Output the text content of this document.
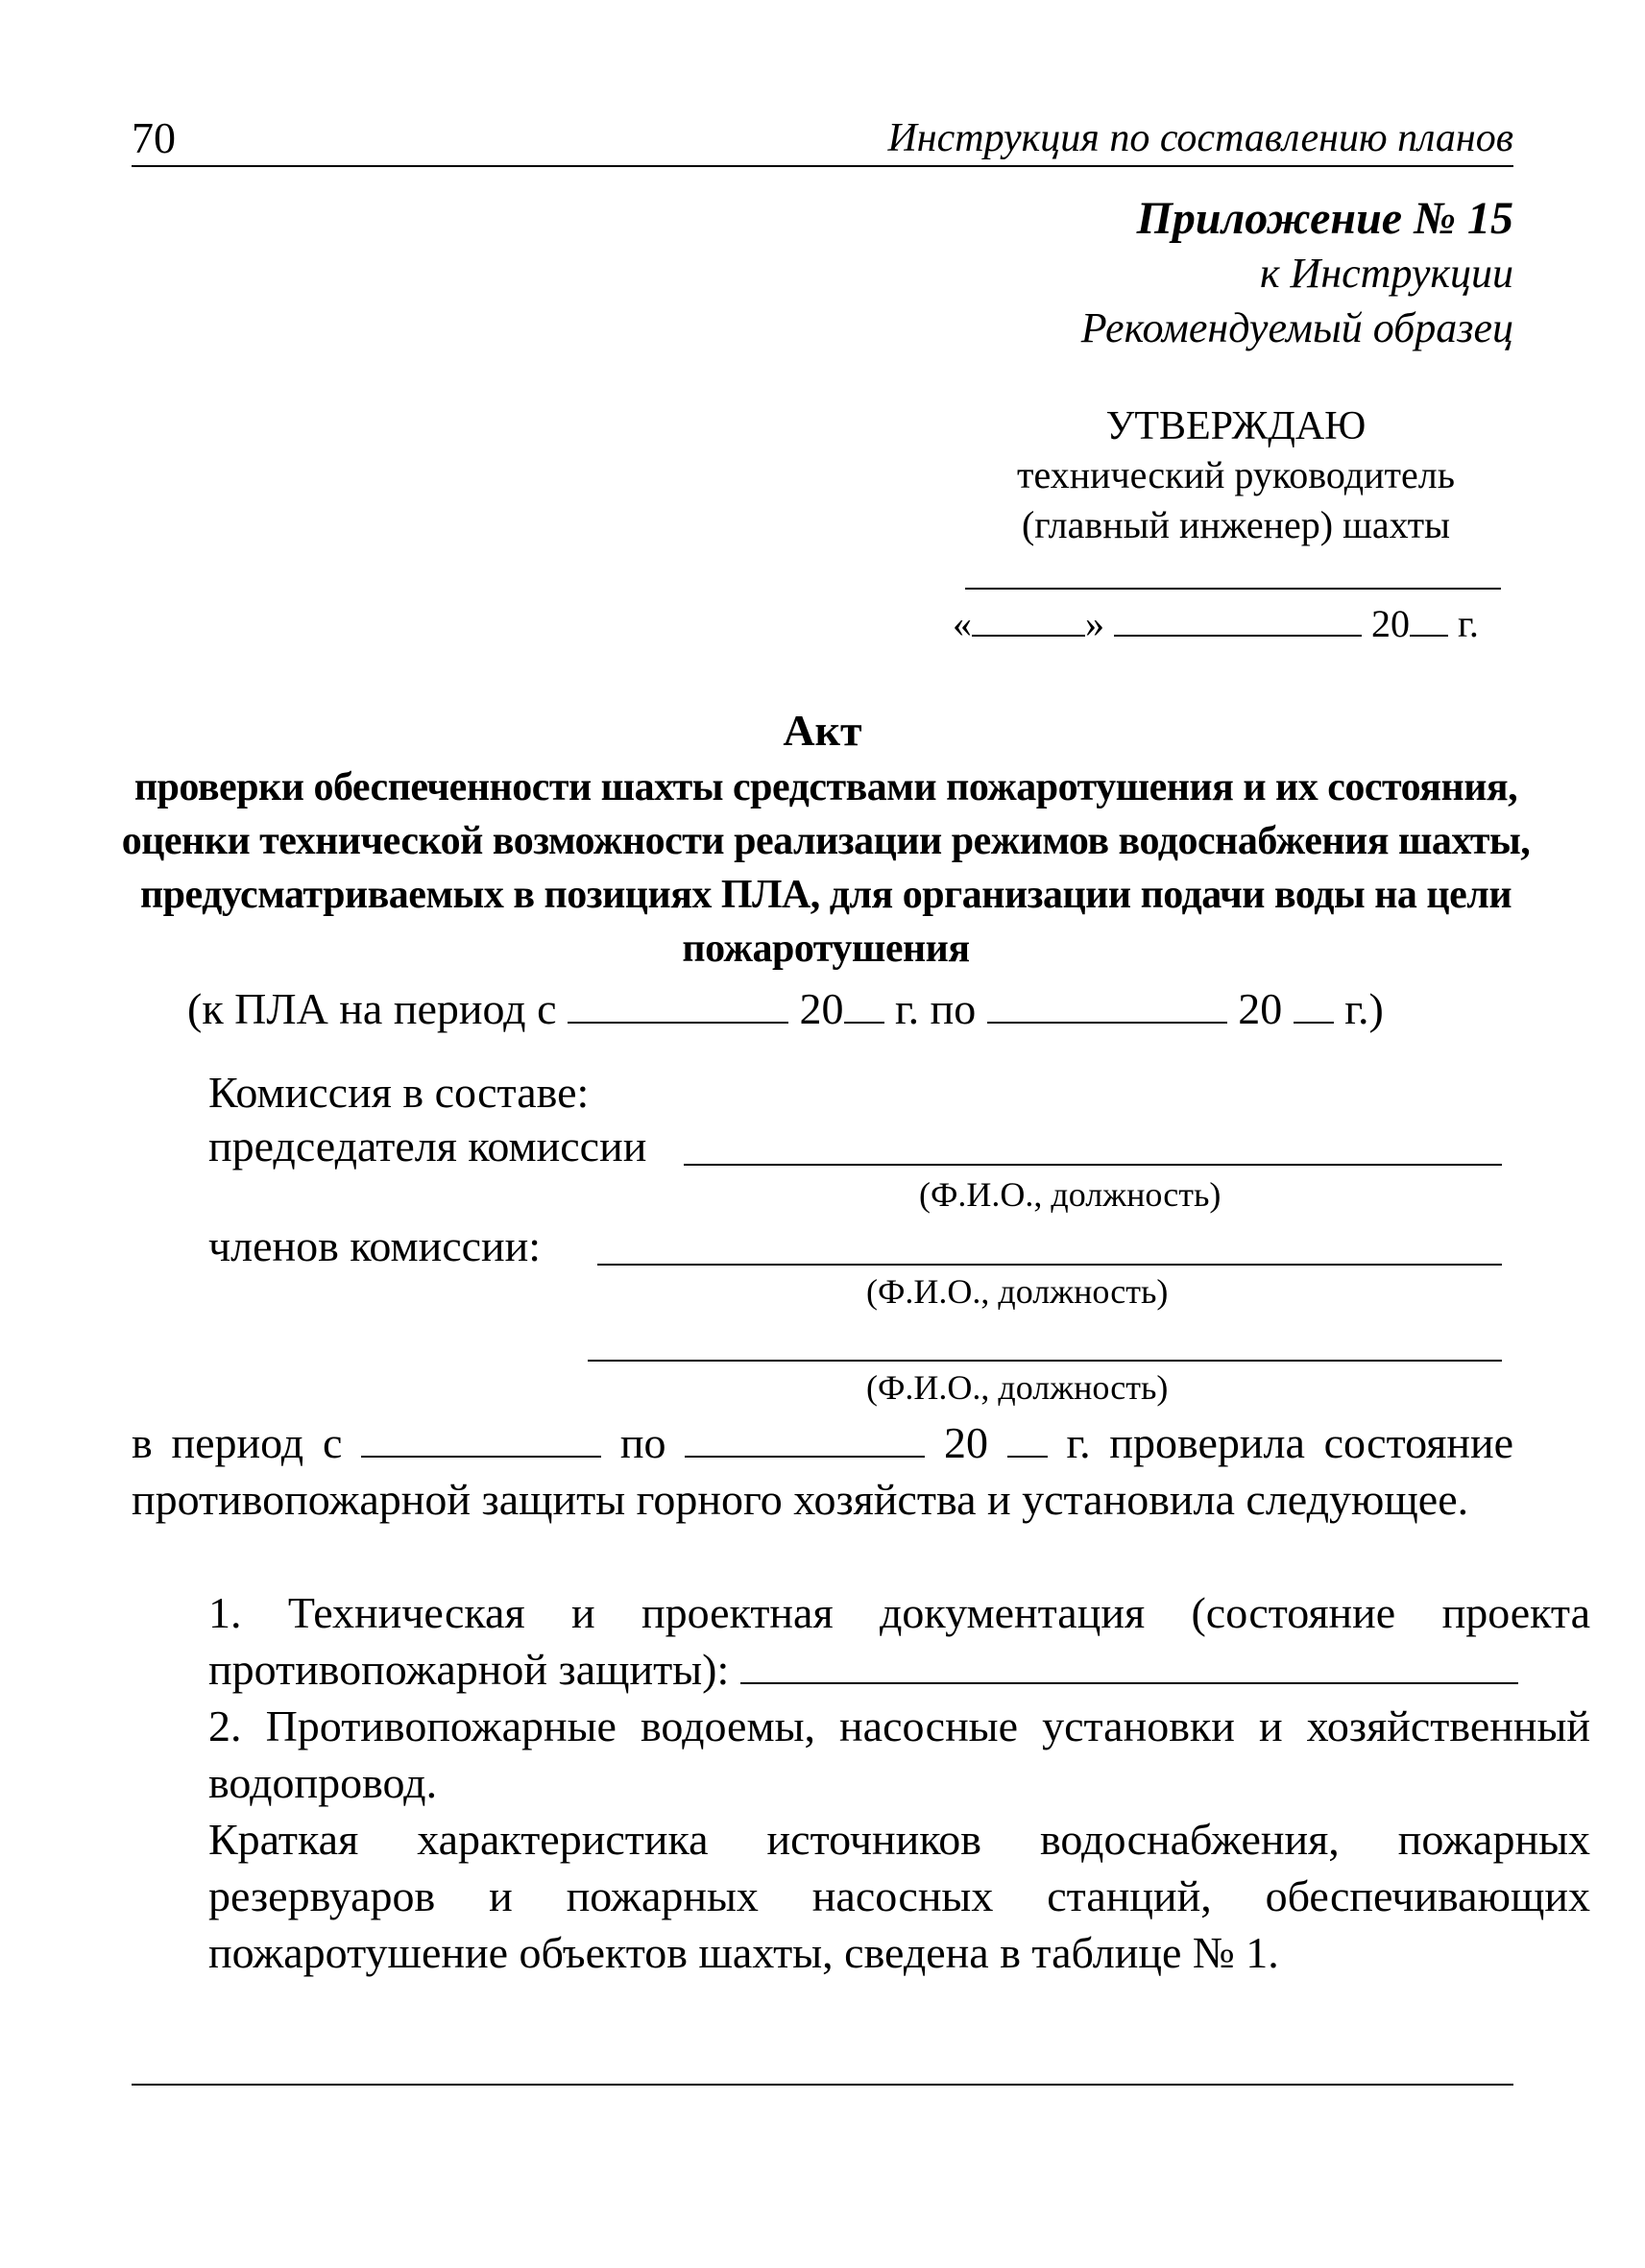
70	Инструкция по составлению планов
Приложение № 15
к Инструкции
Рекомендуемый образец
УТВЕРЖДАЮ
технический руководитель
(главный инженер) шахты
«	»	20 г.
Акт
проверки обеспеченности шахты средствами пожаротушения и их состояния, оценки технической возможности реализации режимов водоснабжения шахты, предусматриваемых в позициях ПЛА, для организации подачи воды на цели пожаротушения
(к ПЛА на период с	20 г. по	20 г.)
Комиссия в составе:
председателя комиссии
(Ф.И.О., должность)
членов комиссии:
(Ф.И.О., должность)
(Ф.И.О., должность)
в период с	по	20 г. проверила состояние противопожарной защиты горного хозяйства и установила следующее.
1. Техническая и проектная документация (состояние проекта противопожарной защиты):
2. Противопожарные водоемы, насосные установки и хозяйственный водопровод.
Краткая характеристика источников водоснабжения, пожарных резервуаров и пожарных насосных станций, обеспечивающих пожаротушение объектов шахты, сведена в таблице № 1.
